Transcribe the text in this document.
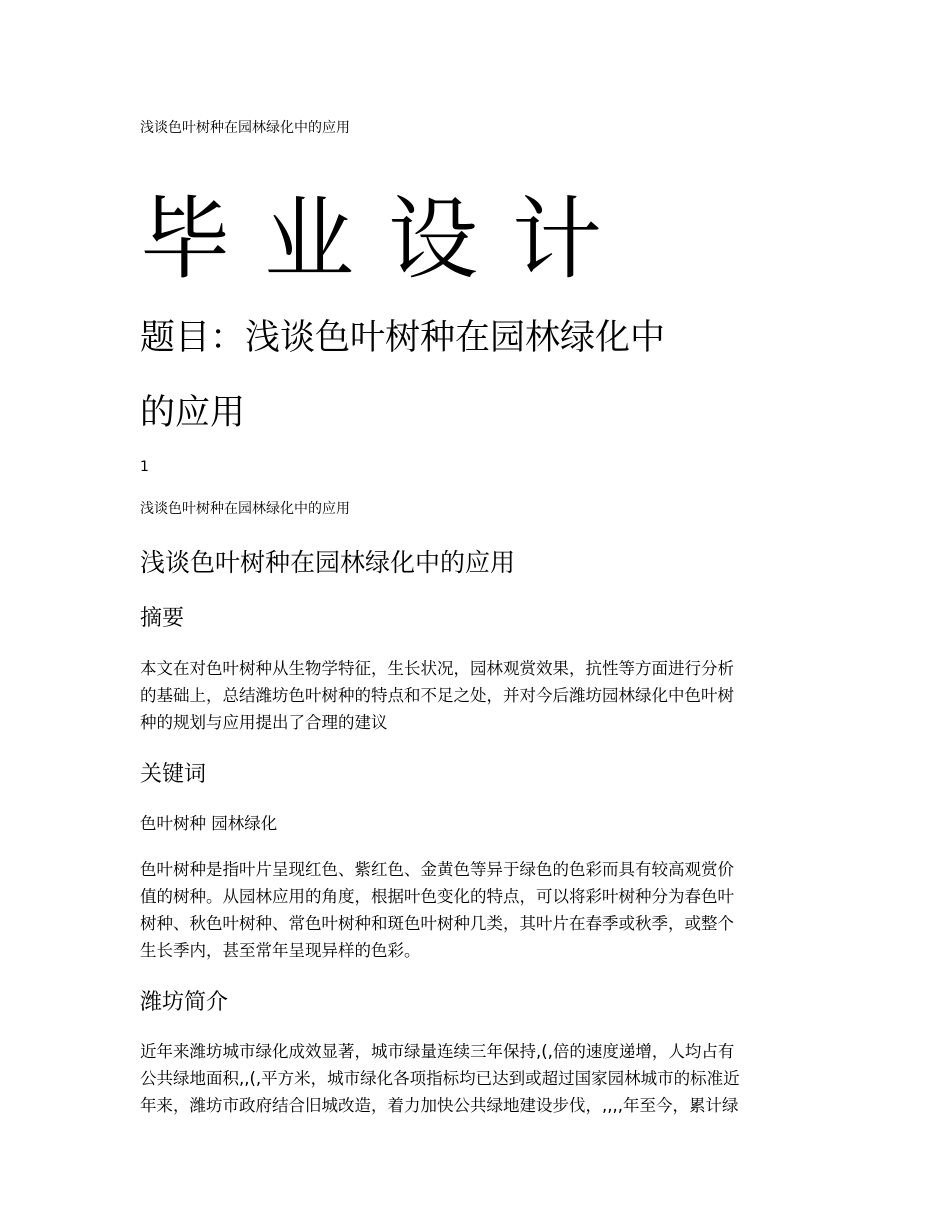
浅谈色叶树种在园林绿化中的应用
毕业设计
题目：浅谈色叶树种在园林绿化中
的应用
1
浅谈色叶树种在园林绿化中的应用
浅谈色叶树种在园林绿化中的应用
摘要
本文在对色叶树种从生物学特征，生长状况，园林观赏效果，抗性等方面进行分析
的基础上，总结潍坊色叶树种的特点和不足之处，并对今后潍坊园林绿化中色叶树
种的规划与应用提出了合理的建议
关键词
色叶树种 园林绿化
色叶树种是指叶片呈现红色、紫红色、金黄色等异于绿色的色彩而具有较高观赏价
值的树种。从园林应用的角度，根据叶色变化的特点，可以将彩叶树种分为春色叶
树种、秋色叶树种、常色叶树种和斑色叶树种几类，其叶片在春季或秋季，或整个
生长季内，甚至常年呈现异样的色彩。
潍坊简介
近年来潍坊城市绿化成效显著，城市绿量连续三年保持,(,倍的速度递增，人均占有
公共绿地面积,,(,平方米，城市绿化各项指标均已达到或超过国家园林城市的标准近
年来，潍坊市政府结合旧城改造，着力加快公共绿地建设步伐，,,,,年至今，累计绿
